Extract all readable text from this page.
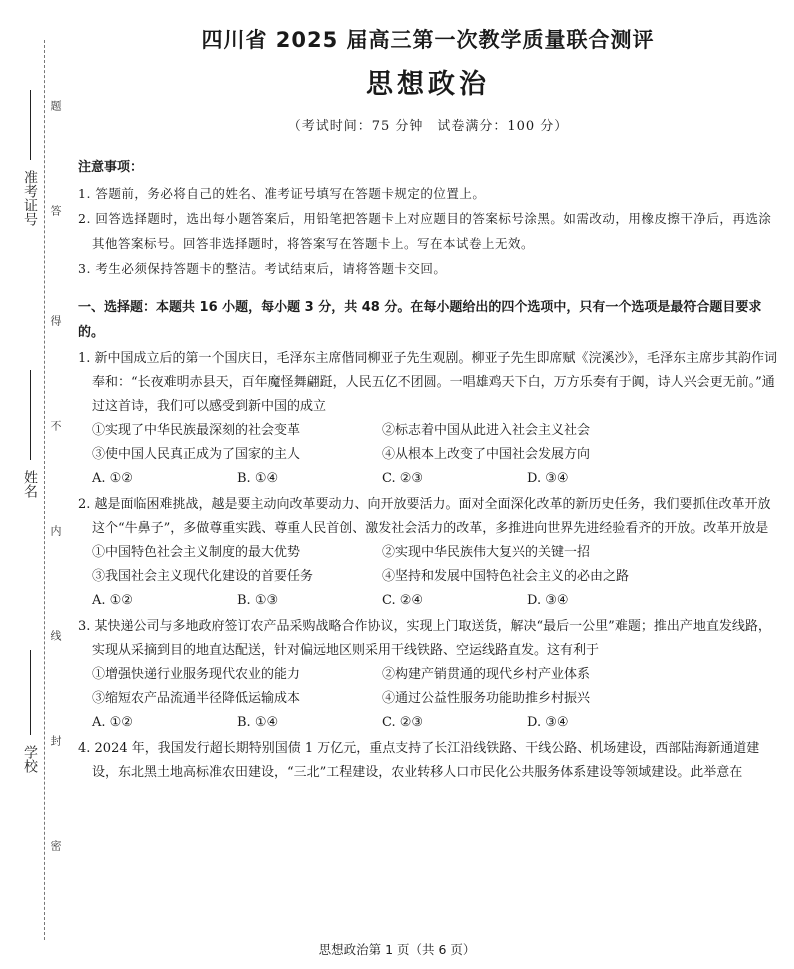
准考证号
姓名
学校
题
答
得
不
内
线
封
密
四川省 2025 届高三第一次教学质量联合测评
思想政治
（考试时间：75 分钟　试卷满分：100 分）
注意事项：
1. 答题前，务必将自己的姓名、准考证号填写在答题卡规定的位置上。
2. 回答选择题时，选出每小题答案后，用铅笔把答题卡上对应题目的答案标号涂黑。如需改动，用橡皮擦干净后，再选涂其他答案标号。回答非选择题时，将答案写在答题卡上。写在本试卷上无效。
3. 考生必须保持答题卡的整洁。考试结束后，请将答题卡交回。
一、选择题：本题共 16 小题，每小题 3 分，共 48 分。在每小题给出的四个选项中，只有一个选项是最符合题目要求的。
1. 新中国成立后的第一个国庆日，毛泽东主席偕同柳亚子先生观剧。柳亚子先生即席赋《浣溪沙》，毛泽东主席步其韵作词奉和：“长夜难明赤县天，百年魔怪舞翩跹，人民五亿不团圆。一唱雄鸡天下白，万方乐奏有于阗，诗人兴会更无前。”通过这首诗，我们可以感受到新中国的成立
①实现了中华民族最深刻的社会变革	②标志着中国从此进入社会主义社会
③使中国人民真正成为了国家的主人	④从根本上改变了中国社会发展方向
A. ①②	B. ①④	C. ②③	D. ③④
2. 越是面临困难挑战，越是要主动向改革要动力、向开放要活力。面对全面深化改革的新历史任务，我们要抓住改革开放这个“牛鼻子”，多做尊重实践、尊重人民首创、激发社会活力的改革，多推进向世界先进经验看齐的开放。改革开放是
①中国特色社会主义制度的最大优势	②实现中华民族伟大复兴的关键一招
③我国社会主义现代化建设的首要任务	④坚持和发展中国特色社会主义的必由之路
A. ①②	B. ①③	C. ②④	D. ③④
3. 某快递公司与多地政府签订农产品采购战略合作协议，实现上门取送货，解决“最后一公里”难题；推出产地直发线路，实现从采摘到目的地直达配送，针对偏远地区则采用干线铁路、空运线路直发。这有利于
①增强快递行业服务现代农业的能力	②构建产销贯通的现代乡村产业体系
③缩短农产品流通半径降低运输成本	④通过公益性服务功能助推乡村振兴
A. ①②	B. ①④	C. ②③	D. ③④
4. 2024 年，我国发行超长期特别国债 1 万亿元，重点支持了长江沿线铁路、干线公路、机场建设，西部陆海新通道建设，东北黑土地高标准农田建设，“三北”工程建设，农业转移人口市民化公共服务体系建设等领域建设。此举意在
思想政治第 1 页（共 6 页）
